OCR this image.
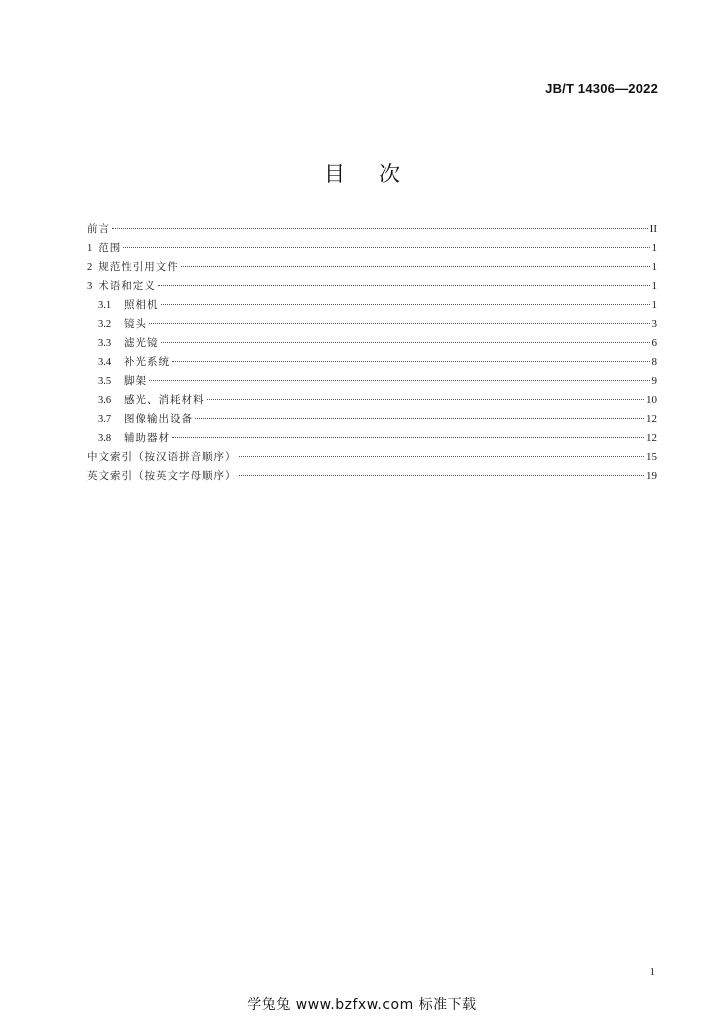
JB/T 14306—2022
目次
前言	II
1 范围	1
2 规范性引用文件	1
3 术语和定义	1
3.1 照相机	1
3.2 镜头	3
3.3 滤光镜	6
3.4 补光系统	8
3.5 脚架	9
3.6 感光、消耗材料	10
3.7 图像输出设备	12
3.8 辅助器材	12
中文索引（按汉语拼音顺序）	15
英文索引（按英文字母顺序）	19
1
学兔兔 www.bzfxw.com 标准下载
